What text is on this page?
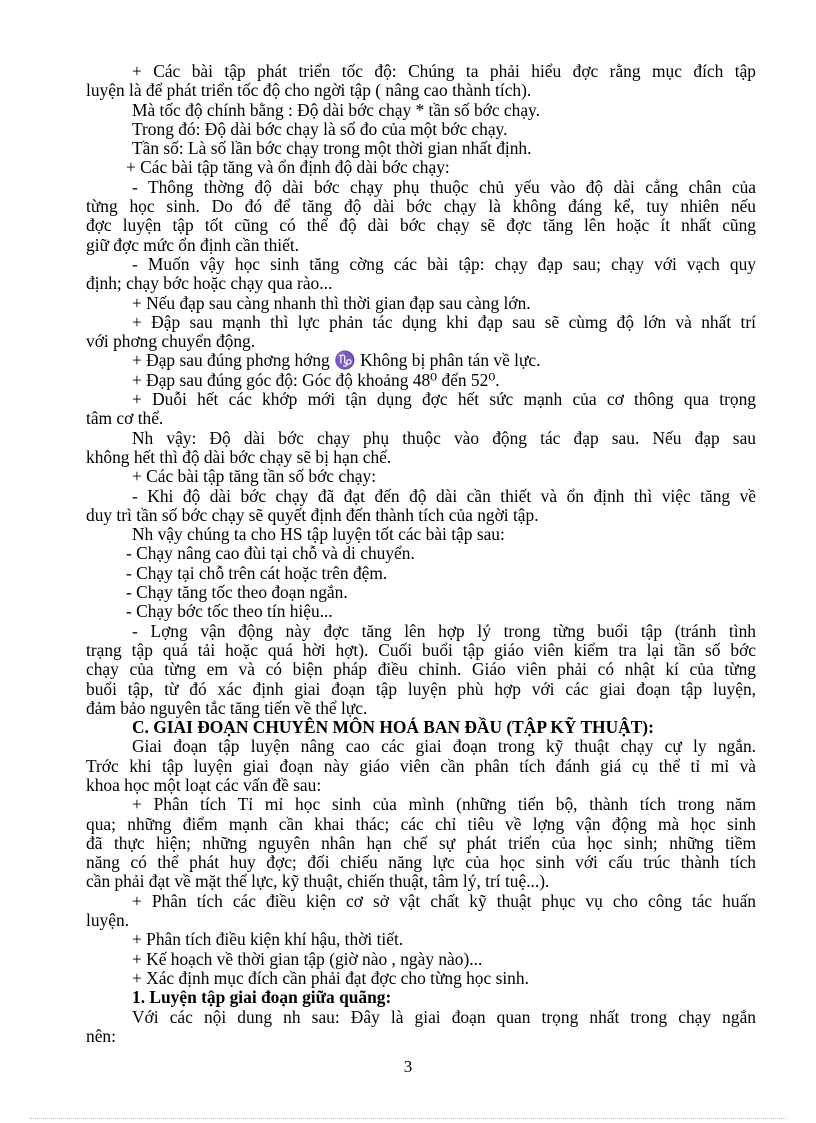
+ Các bài tập phát triển tốc độ: Chúng ta phải hiểu đợc rằng mục đích tập
luyện là để phát triển tốc độ cho ngời tập ( nâng cao thành tích).
Mà tốc độ chính bằng : Độ dài bớc chạy * tần số bớc chạy.
Trong đó: Độ dài bớc chạy là số đo của một bớc chạy.
Tần số: Là số lần bớc chạy trong một thời gian nhất định.
+ Các bài tập tăng và ổn định độ dài bớc chạy:
- Thông thờng độ dài bớc chạy phụ thuộc chủ yếu vào độ dài cẳng chân của
từng học sinh. Do đó để tăng độ dài bớc chạy là không đáng kể, tuy nhiên nếu
đợc luyện tập tốt cũng có thể độ dài bớc chạy sẽ đợc tăng lên hoặc ít nhất cũng
giữ đợc mức ổn định cần thiết.
- Muốn vậy học sinh tăng cờng các bài tập: chạy đạp sau; chạy với vạch quy
định; chạy bớc hoặc chạy qua rào...
+ Nếu đạp sau càng nhanh thì thời gian đạp sau càng lớn.
+ Đập sau mạnh thì lực phản tác dụng khi đạp sau sẽ cùmg độ lớn và nhất trí
với phơng chuyển động.
+ Đạp sau đúng phơng hớng ♑ Không bị phân tán về lực.
+ Đạp sau đúng góc độ: Góc độ khoảng 48⁰ đến 52⁰.
+ Duỗi hết các khớp mới tận dụng đợc hết sức mạnh của cơ thông qua trọng
tâm cơ thể.
Nh vậy: Độ dài bớc chạy phụ thuộc vào động tác đạp sau. Nếu đạp sau
không hết thì độ dài bớc chạy sẽ bị hạn chế.
+ Các bài tập tăng tần số bớc chạy:
- Khi độ dài bớc chạy đã đạt đến độ dài cần thiết và ổn định thì việc tăng về
duy trì tần số bớc chạy sẽ quyết định đến thành tích của ngời tập.
Nh vậy chúng ta cho HS tập luyện tốt các bài tập sau:
- Chạy nâng cao đùi tại chỗ và di chuyển.
- Chạy tại chỗ trên cát hoặc trên đệm.
- Chạy tăng tốc theo đoạn ngắn.
- Chạy bớc tốc theo tín hiệu...
- Lợng vận động này đợc tăng lên hợp lý trong từng buổi tập (tránh tình
trạng tập quá tải hoặc quá hời hợt). Cuối buổi tập giáo viên kiểm tra lại tần số bớc
chạy của từng em và có biện pháp điều chỉnh. Giáo viên phải có nhật kí của từng
buổi tập, từ đó xác định giai đoạn tập luyện phù hợp với các giai đoạn tập luyện,
đảm bảo nguyên tắc tăng tiến về thể lực.
C. GIAI ĐOẠN CHUYÊN MÔN HOÁ BAN ĐẦU (TẬP KỸ THUẬT):
Giai đoạn tập luyện nâng cao các giai đoạn trong kỹ thuật chạy cự ly ngắn.
Trớc khi tập luyện giai đoạn này giáo viên cần phân tích đánh giá cụ thể tỉ mỉ và
khoa học một loạt các vấn đề sau:
+ Phân tích Tỉ mỉ học sinh của mình (những tiến bộ, thành tích trong năm
qua; những điểm mạnh cần khai thác; các chỉ tiêu về lợng vận động mà học sinh
đã thực hiện; những nguyên nhân hạn chế sự phát triển của học sinh; những tiềm
năng có thể phát huy đợc; đối chiếu năng lực của học sinh với cấu trúc thành tích
cần phải đạt về mặt thể lực, kỹ thuật, chiến thuật, tâm lý, trí tuệ...).
+ Phân tích các điều kiện cơ sở vật chất kỹ thuật phục vụ cho công tác huấn
luyện.
+ Phân tích điều kiện khí hậu, thời tiết.
+ Kế hoạch về thời gian tập (giờ nào , ngày nào)...
+ Xác định mục đích cần phải đạt đợc cho từng học sinh.
1. Luyện tập giai đoạn giữa quãng:
Với các nội dung nh sau: Đây là giai đoạn quan trọng nhất trong chạy ngắn
nên:
3
